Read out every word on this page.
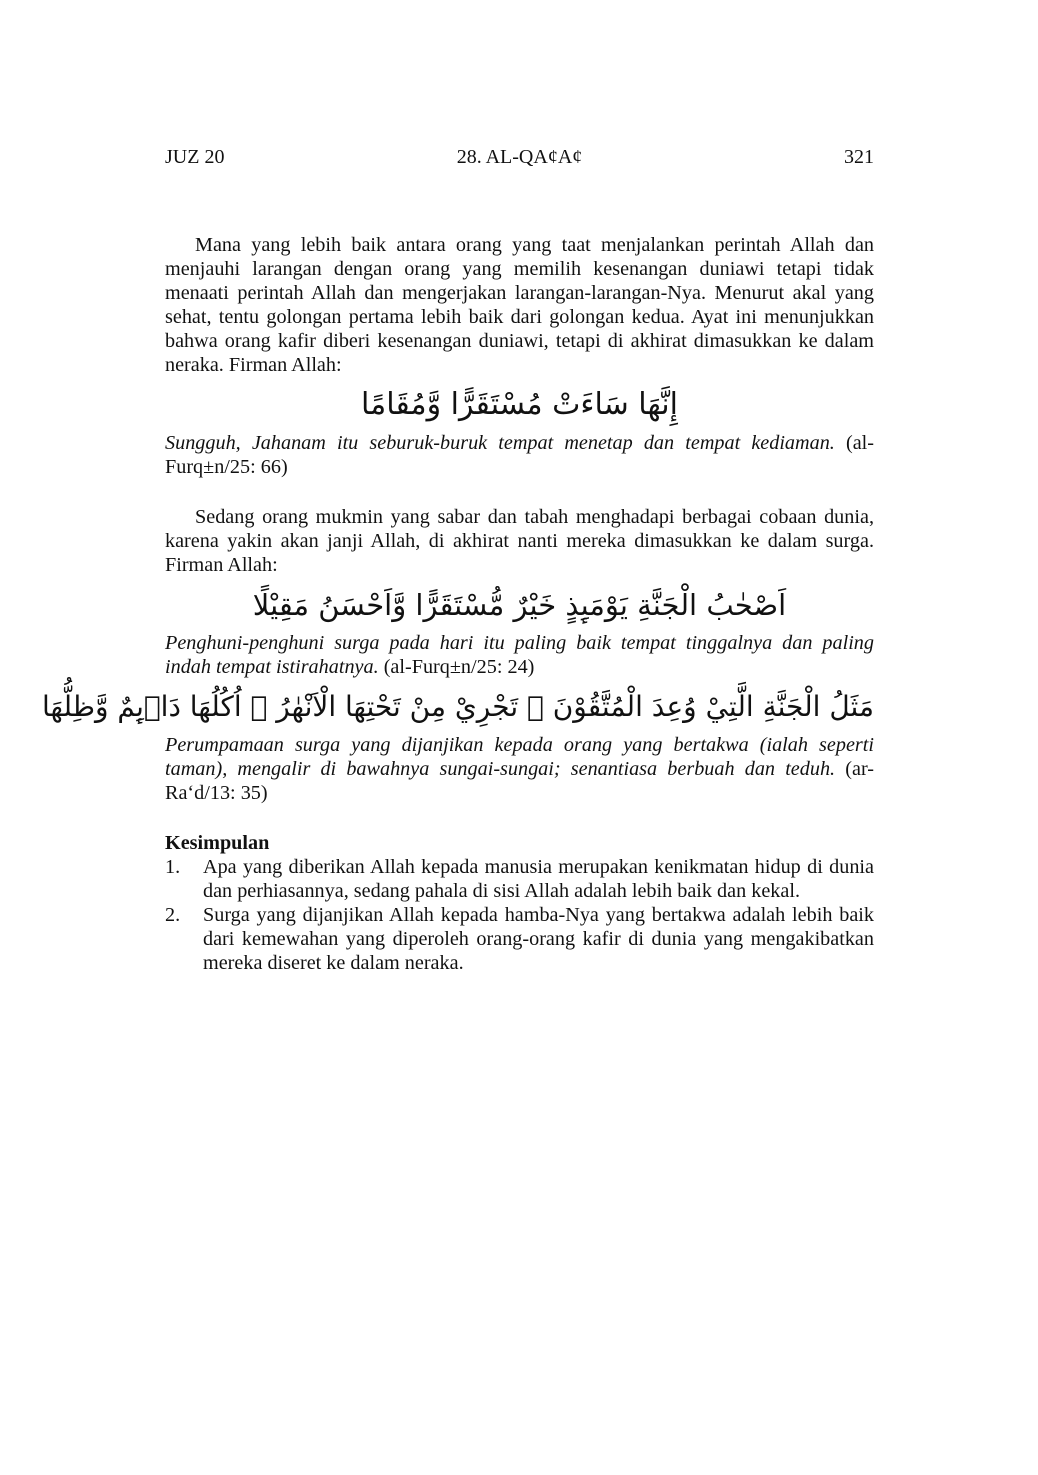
JUZ 20	28. AL-QA¢A¢	321

Mana yang lebih baik antara orang yang taat menjalankan perintah Allah dan menjauhi larangan dengan orang yang memilih kesenangan duniawi tetapi tidak menaati perintah Allah dan mengerjakan larangan-larangan-Nya. Menurut akal yang sehat, tentu golongan pertama lebih baik dari golongan kedua. Ayat ini menunjukkan bahwa orang kafir diberi kesenangan duniawi, tetapi di akhirat dimasukkan ke dalam neraka. Firman Allah:

إِنَّهَا سَاءَتْ مُسْتَقَرًّا وَّمُقَامًا

Sungguh, Jahanam itu seburuk-buruk tempat menetap dan tempat kediaman. (al-Furq±n/25: 66)

Sedang orang mukmin yang sabar dan tabah menghadapi berbagai cobaan dunia, karena yakin akan janji Allah, di akhirat nanti mereka dimasukkan ke dalam surga. Firman Allah:

اَصْحٰبُ الْجَنَّةِ يَوْمَىِٕذٍ خَيْرٌ مُّسْتَقَرًّا وَّاَحْسَنُ مَقِيْلًا

Penghuni-penghuni surga pada hari itu paling baik tempat tinggalnya dan paling indah tempat istirahatnya. (al-Furq±n/25: 24)

مَثَلُ الْجَنَّةِ الَّتِيْ وُعِدَ الْمُتَّقُوْنَ ۗ تَجْرِيْ مِنْ تَحْتِهَا الْاَنْهٰرُ ۗ اُكُلُهَا دَاۤىِٕمٌ وَّظِلُّهَا

Perumpamaan surga yang dijanjikan kepada orang yang bertakwa (ialah seperti taman), mengalir di bawahnya sungai-sungai; senantiasa berbuah dan teduh. (ar-Ra‘d/13: 35)

Kesimpulan

1. Apa yang diberikan Allah kepada manusia merupakan kenikmatan hidup di dunia dan perhiasannya, sedang pahala di sisi Allah adalah lebih baik dan kekal.
2. Surga yang dijanjikan Allah kepada hamba-Nya yang bertakwa adalah lebih baik dari kemewahan yang diperoleh orang-orang kafir di dunia yang mengakibatkan mereka diseret ke dalam neraka.
